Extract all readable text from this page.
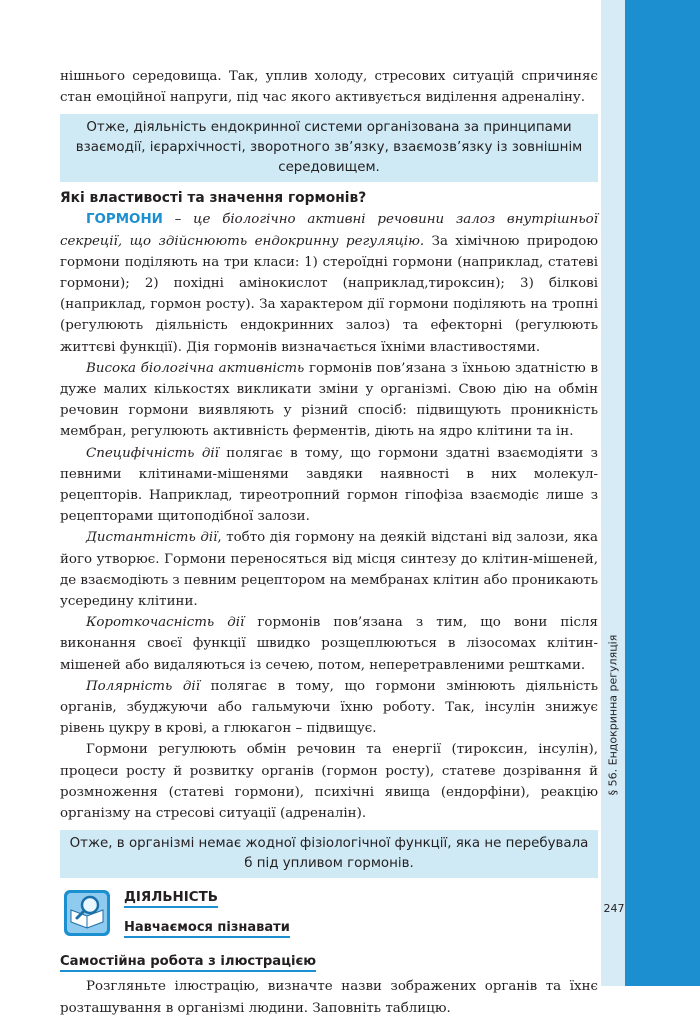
§ 56. Ендокринна регуляція
247

нішнього середовища. Так, уплив холоду, стресових ситуацій спричиняє стан емоційної напруги, під час якого активується виділення адреналіну.

Отже, діяльність ендокринної системи організована за принципами взаємодії, ієрархічності, зворотного зв’язку, взаємозв’язку із зовнішнім середовищем.
Які властивості та значення гормонів?

ГОРМОНИ – це біологічно активні речовини залоз внутрішньої секреції, що здійснюють ендокринну регуляцію. За хімічною природою гормони поділяють на три класи: 1) стероїдні гормони (наприклад, статеві гормони); 2) похідні амінокислот (наприклад,тироксин); 3) білкові (наприклад, гормон росту). За характером дії гормони поділяють на тропні (регулюють діяльність ендокринних залоз) та ефекторні (регулюють життєві функції). Дія гормонів визначається їхніми властивостями.

Висока біологічна активність гормонів пов’язана з їхньою здатністю в дуже малих кількостях викликати зміни у організмі. Свою дію на обмін речовин гормони виявляють у різний спосіб: підвищують проникність мембран, регулюють активність ферментів, діють на ядро клітини та ін.

Специфічність дії полягає в тому, що гормони здатні взаємодіяти з певними клітинами-мішенями завдяки наявності в них молекул-рецепторів. Наприклад, тиреотропний гормон гіпофіза взаємодіє лише з рецепторами щитоподібної залози.

Дистантність дії, тобто дія гормону на деякій відстані від залози, яка його утворює. Гормони переносяться від місця синтезу до клітин-мішеней, де взаємодіють з певним рецептором на мембранах клітин або проникають усередину клітини.

Короткочасність дії гормонів пов’язана з тим, що вони після виконання своєї функції швидко розщеплюються в лізосомах клітин-мішеней або видаляються із сечею, потом, неперетравленими рештками.

Полярність дії полягає в тому, що гормони змінюють діяльність органів, збуджуючи або гальмуючи їхню роботу. Так, інсулін знижує рівень цукру в крові, а глюкагон – підвищує.

Гормони регулюють обмін речовин та енергії (тироксин, інсулін), процеси росту й розвитку органів (гормон росту), статеве дозрівання й розмноження (статеві гормони), психічні явища (ендорфіни), реакцію організму на стресові ситуації (адреналін).

Отже, в організмі немає жодної фізіологічної функції, яка не перебувала б під упливом гормонів.
ДІЯЛЬНІСТЬ
Навчаємося пізнавати
Самостійна робота з ілюстрацією

Розгляньте ілюстрацію, визначте назви зображених органів та їхнє розташування в організмі людини. Заповніть таблицю.
